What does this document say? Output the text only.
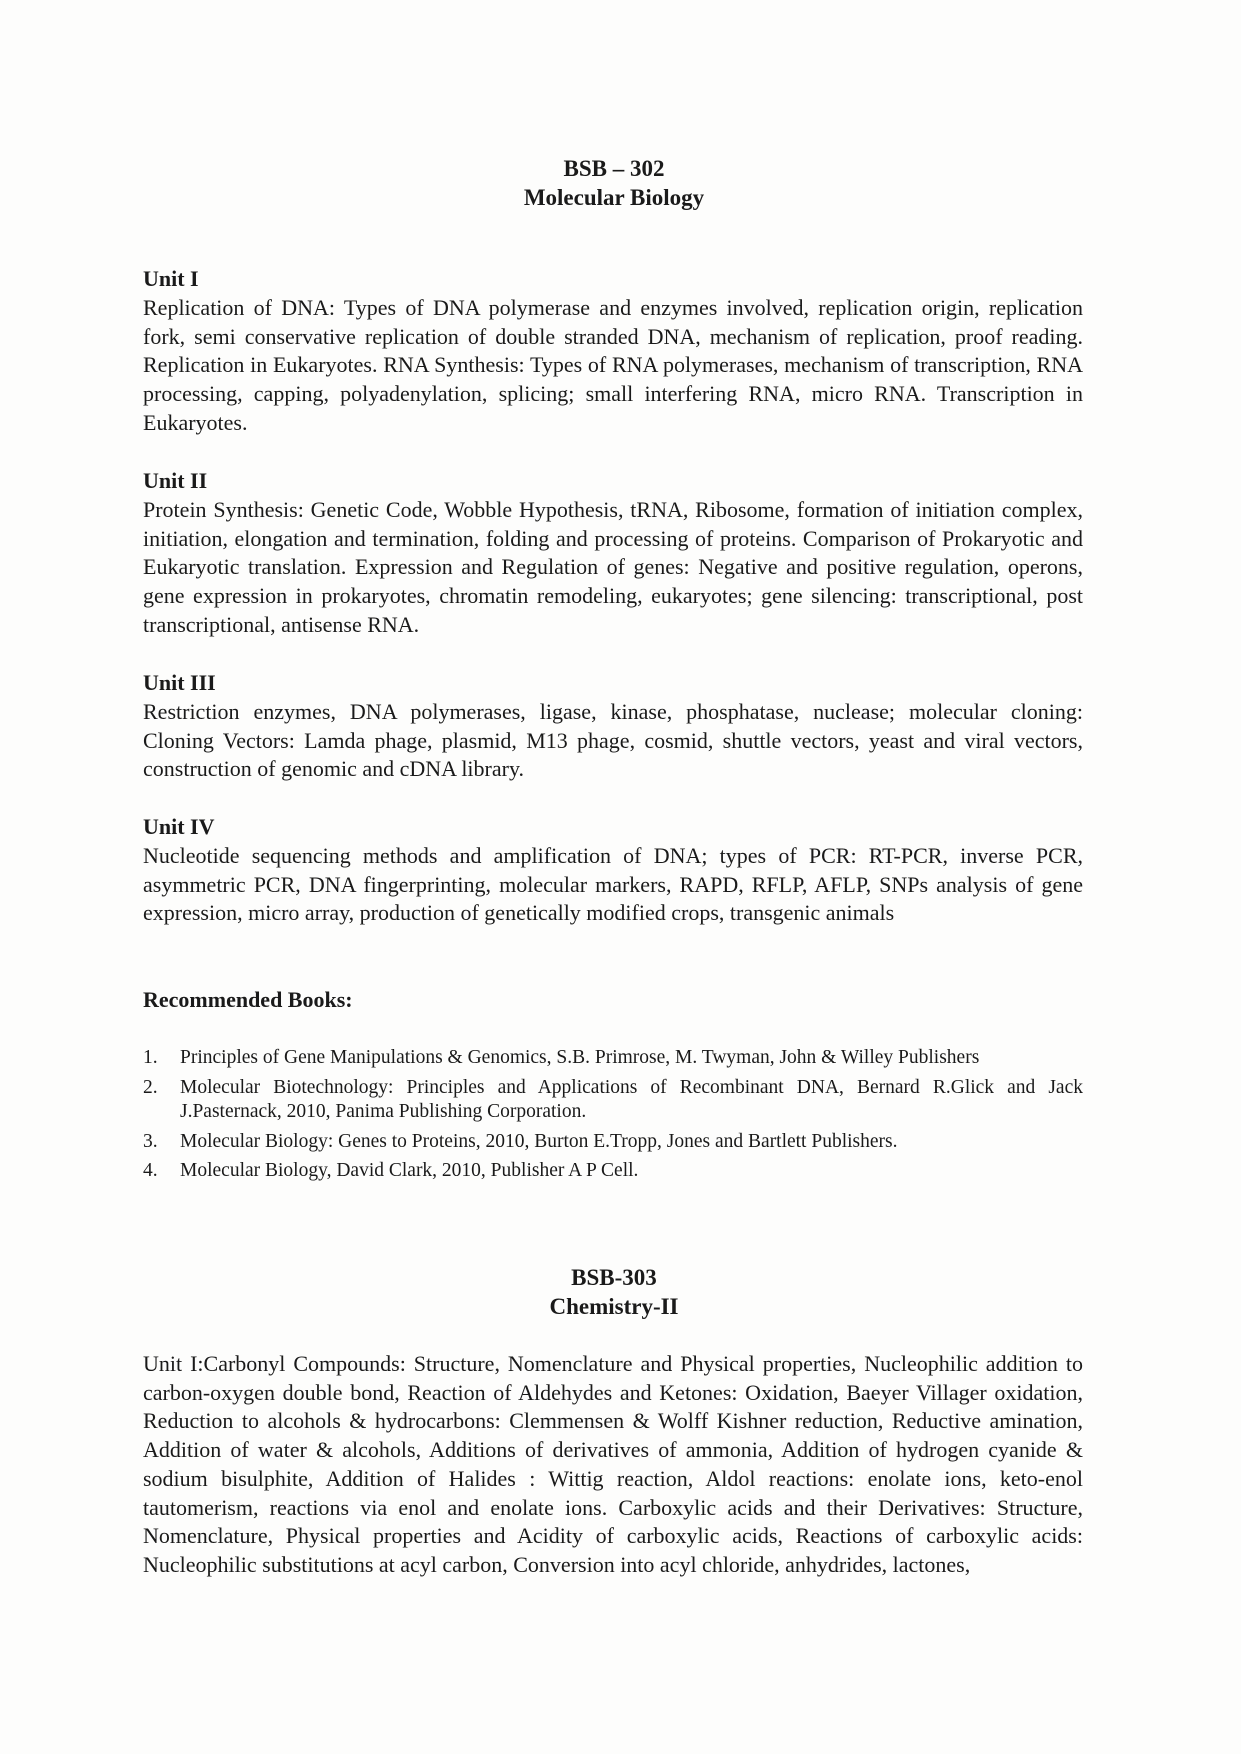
BSB – 302
Molecular Biology
Unit I
Replication of DNA: Types of DNA polymerase and enzymes involved, replication origin, replication fork, semi conservative replication of double stranded DNA, mechanism of replication, proof reading. Replication in Eukaryotes. RNA Synthesis: Types of RNA polymerases, mechanism of transcription, RNA processing, capping, polyadenylation, splicing; small interfering RNA, micro RNA. Transcription in Eukaryotes.
Unit II
Protein Synthesis: Genetic Code, Wobble Hypothesis, tRNA, Ribosome, formation of initiation complex, initiation, elongation and termination, folding and processing of proteins. Comparison of Prokaryotic and Eukaryotic translation. Expression and Regulation of genes: Negative and positive regulation, operons, gene expression in prokaryotes, chromatin remodeling, eukaryotes; gene silencing: transcriptional, post transcriptional, antisense RNA.
Unit III
Restriction enzymes, DNA polymerases, ligase, kinase, phosphatase, nuclease; molecular cloning: Cloning Vectors: Lamda phage, plasmid, M13 phage, cosmid, shuttle vectors, yeast and viral vectors, construction of genomic and cDNA library.
Unit IV
Nucleotide sequencing methods and amplification of DNA; types of PCR: RT-PCR, inverse PCR, asymmetric PCR, DNA fingerprinting, molecular markers, RAPD, RFLP, AFLP, SNPs analysis of gene expression, micro array, production of genetically modified crops, transgenic animals
Recommended Books:
1. Principles of Gene Manipulations & Genomics, S.B. Primrose, M. Twyman, John & Willey Publishers
2. Molecular Biotechnology: Principles and Applications of Recombinant DNA, Bernard R.Glick and Jack J.Pasternack, 2010, Panima Publishing Corporation.
3. Molecular Biology: Genes to Proteins, 2010, Burton E.Tropp, Jones and Bartlett Publishers.
4. Molecular Biology, David Clark, 2010, Publisher A P Cell.
BSB-303
Chemistry-II
Unit I:Carbonyl Compounds: Structure, Nomenclature and Physical properties, Nucleophilic addition to carbon-oxygen double bond, Reaction of Aldehydes and Ketones: Oxidation, Baeyer Villager oxidation, Reduction to alcohols & hydrocarbons: Clemmensen & Wolff Kishner reduction, Reductive amination, Addition of water & alcohols, Additions of derivatives of ammonia, Addition of hydrogen cyanide & sodium bisulphite, Addition of Halides : Wittig reaction, Aldol reactions: enolate ions, keto-enol tautomerism, reactions via enol and enolate ions. Carboxylic acids and their Derivatives: Structure, Nomenclature, Physical properties and Acidity of carboxylic acids, Reactions of carboxylic acids: Nucleophilic substitutions at acyl carbon, Conversion into acyl chloride, anhydrides, lactones,
